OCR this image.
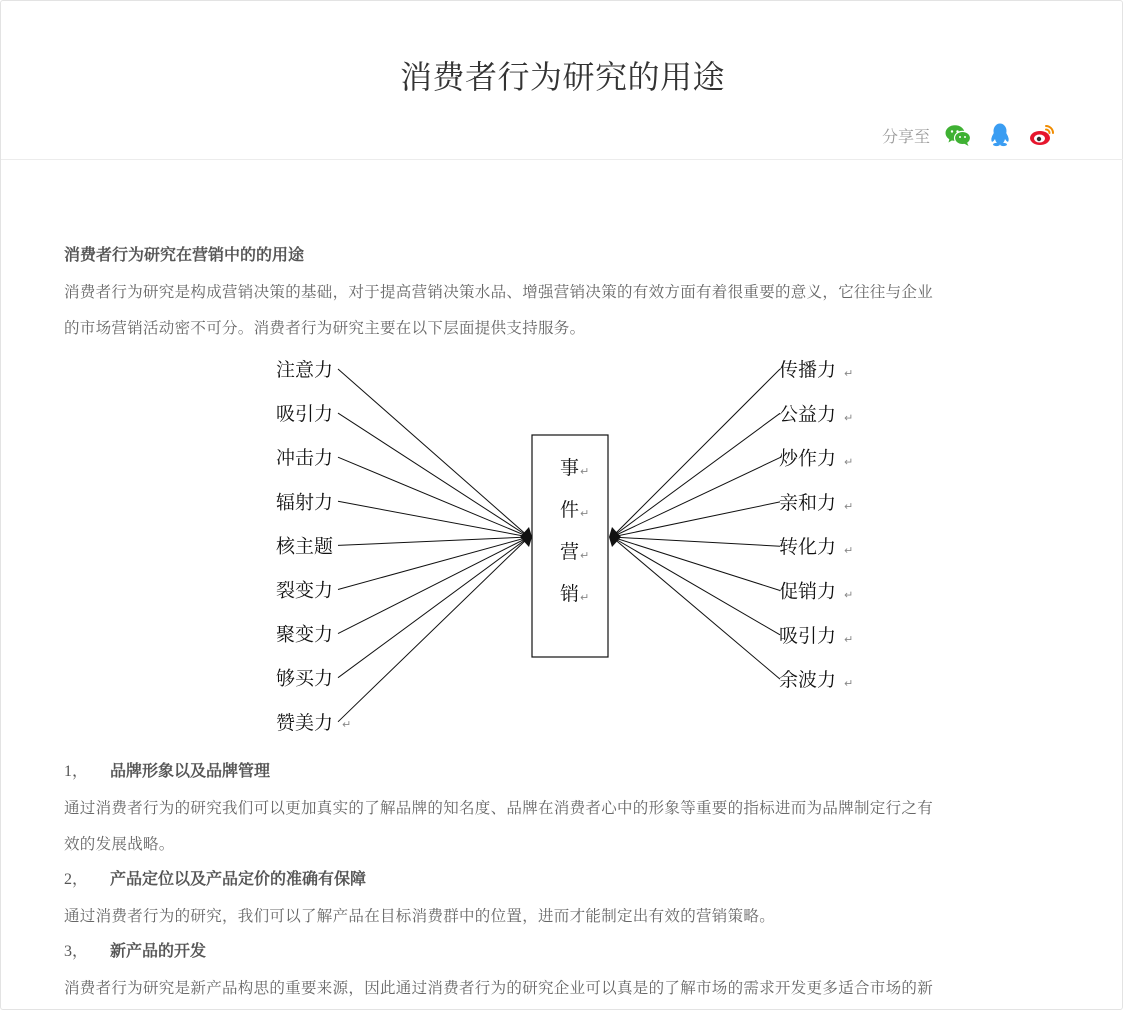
消费者行为研究的用途
分享至

消费者行为研究在营销中的的用途

消费者行为研究是构成营销决策的基础，对于提高营销决策水品、增强营销决策的有效方面有着很重要的意义，它往往与企业

的市场营销活动密不可分。消费者行为研究主要在以下层面提供支持服务。

1， 品牌形象以及品牌管理

通过消费者行为的研究我们可以更加真实的了解品牌的知名度、品牌在消费者心中的形象等重要的指标进而为品牌制定行之有

效的发展战略。

2， 产品定位以及产品定价的准确有保障

通过消费者行为的研究，我们可以了解产品在目标消费群中的位置，进而才能制定出有效的营销策略。

3， 新产品的开发

消费者行为研究是新产品构思的重要来源，因此通过消费者行为的研究企业可以真是的了解市场的需求开发更多适合市场的新

注意力
吸引力
冲击力
辐射力
核主题
裂变力
聚变力
够买力
赞美力 ↵
传播力 ↵
公益力 ↵
炒作力 ↵
亲和力 ↵
转化力 ↵
促销力 ↵
吸引力 ↵
余波力 ↵
事 ↵
件 ↵
营 ↵
销 ↵
